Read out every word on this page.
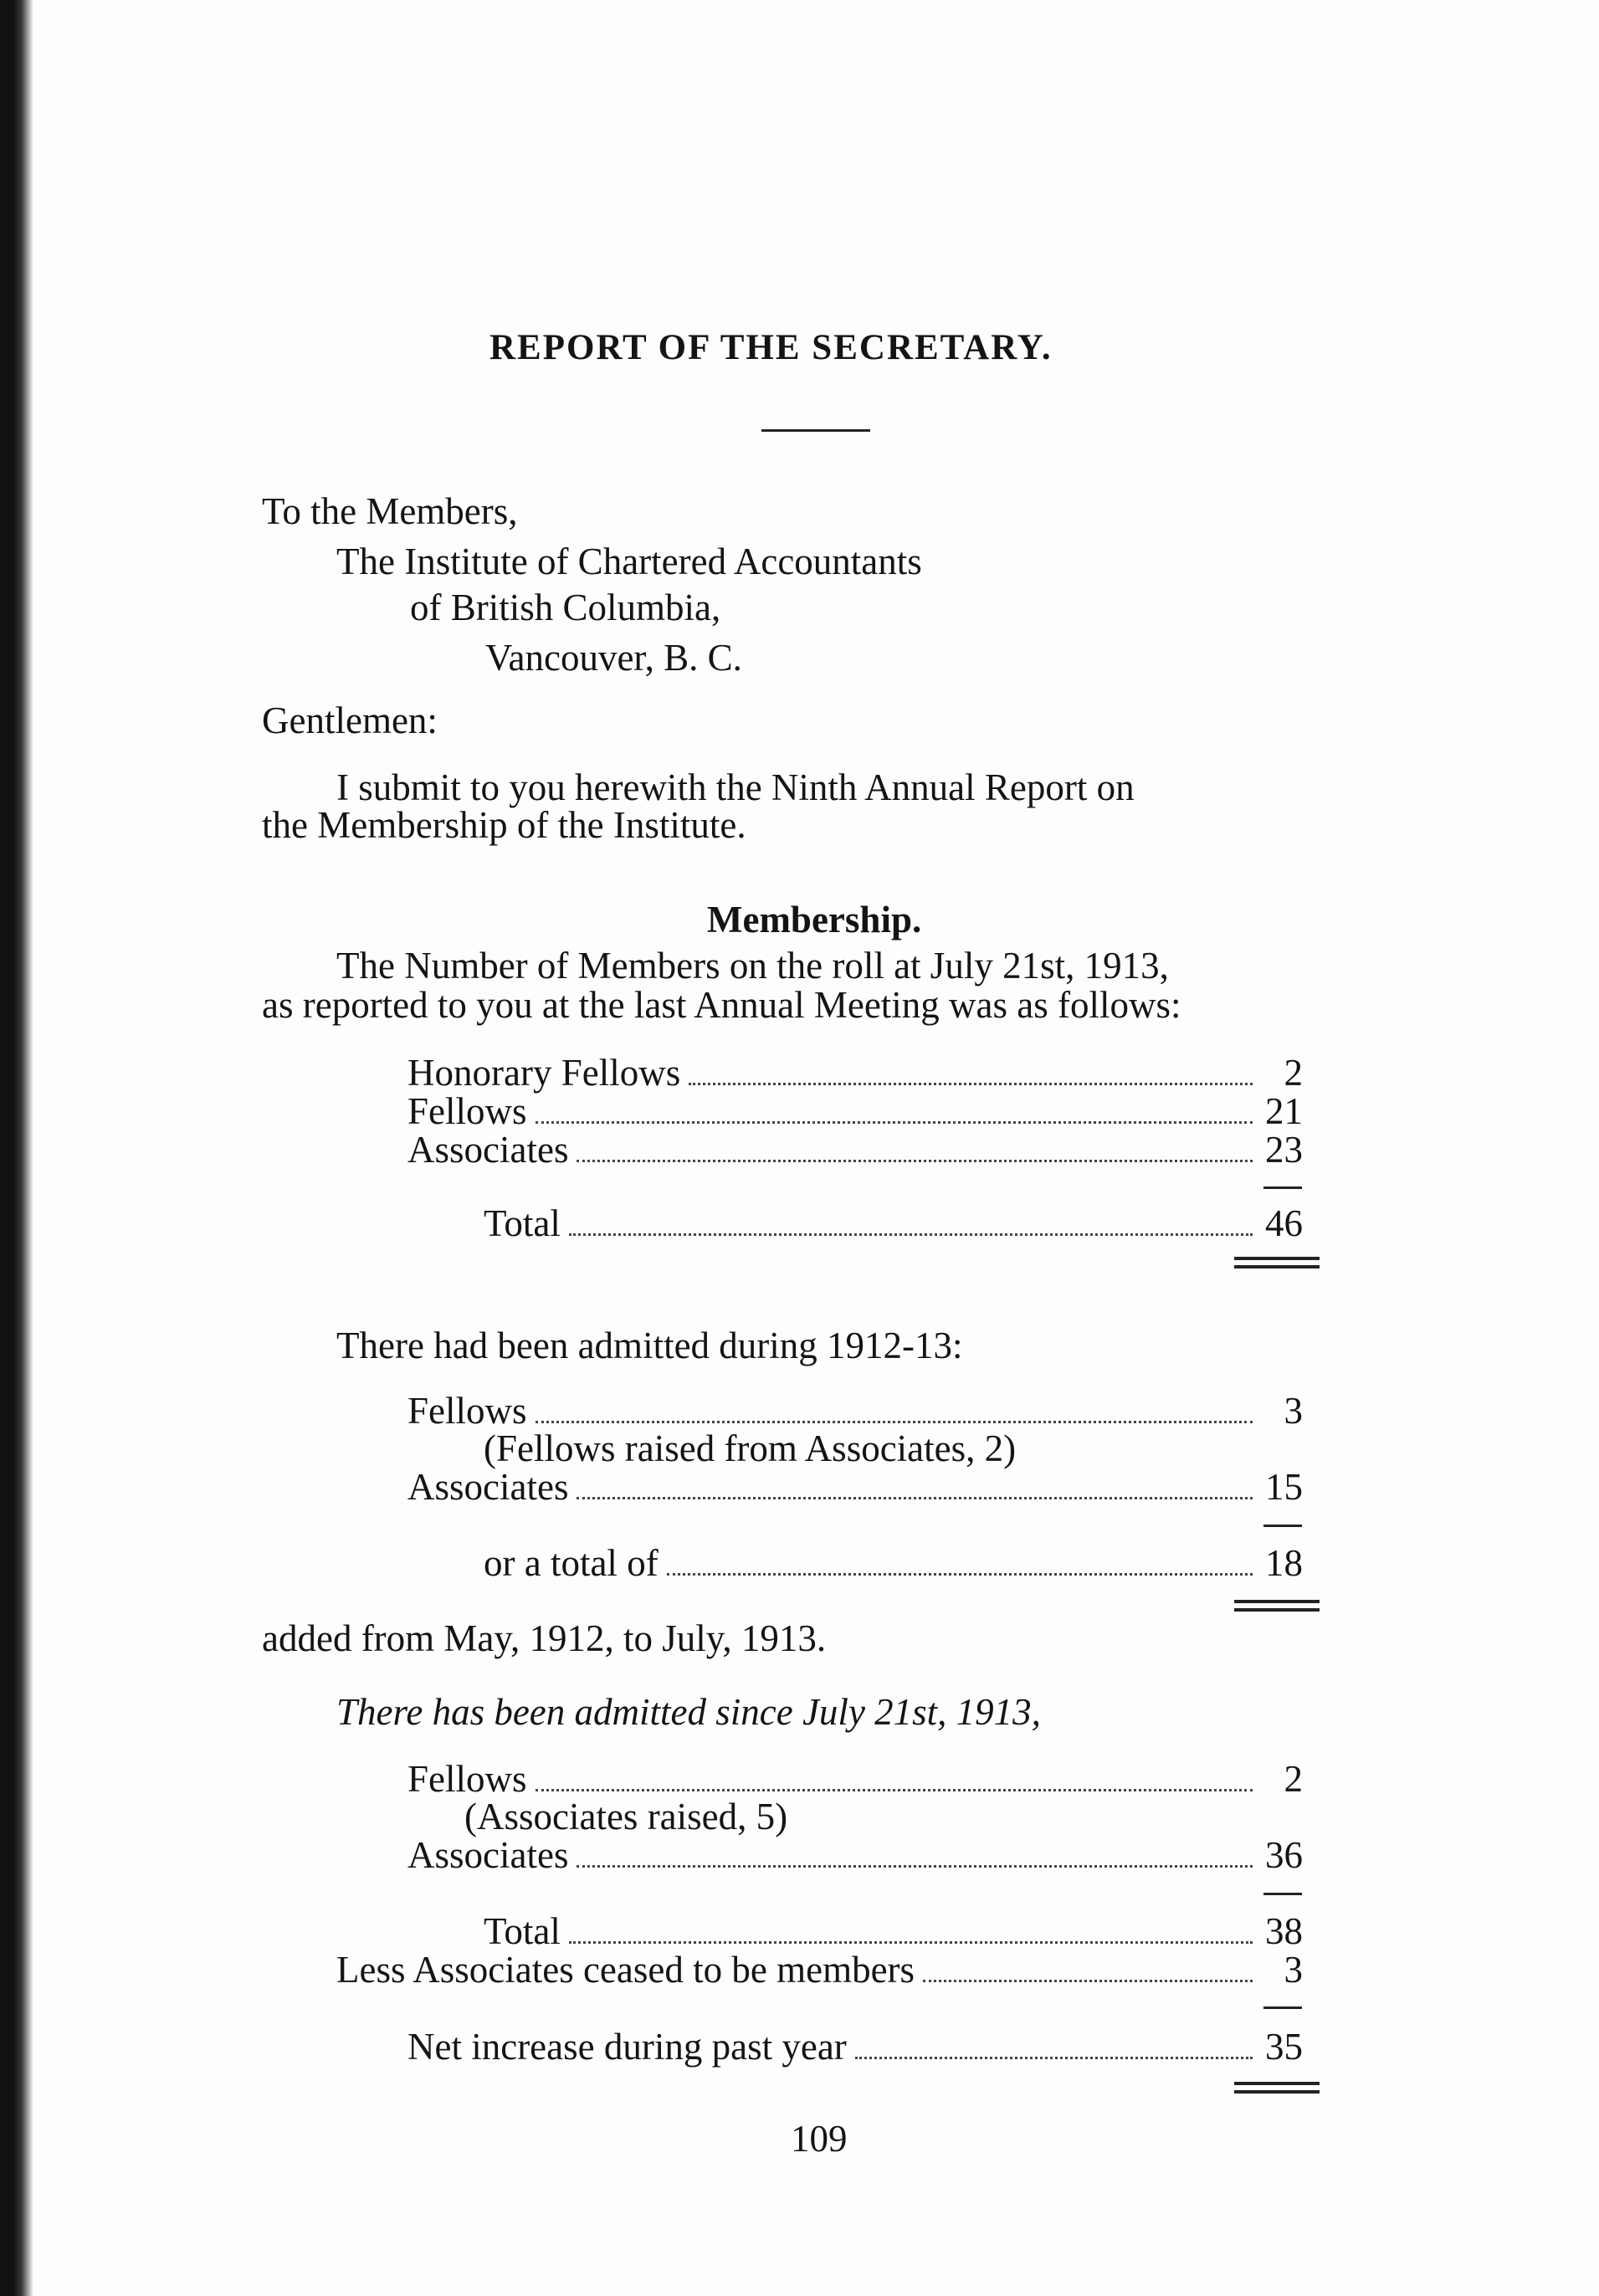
REPORT OF THE SECRETARY.
To the Members,
The Institute of Chartered Accountants
of British Columbia,
Vancouver, B. C.
Gentlemen:
I submit to you herewith the Ninth Annual Report on
the Membership of the Institute.
Membership.
The Number of Members on the roll at July 21st, 1913,
as reported to you at the last Annual Meeting was as follows:
Honorary Fellows	2
Fellows	21
Associates	23
Total	46
There had been admitted during 1912-13:
Fellows	3
(Fellows raised from Associates, 2)
Associates	15
or a total of	18
added from May, 1912, to July, 1913.
There has been admitted since July 21st, 1913,
Fellows	2
(Associates raised, 5)
Associates	36
Total	38
Less Associates ceased to be members	3
Net increase during past year	35
109
